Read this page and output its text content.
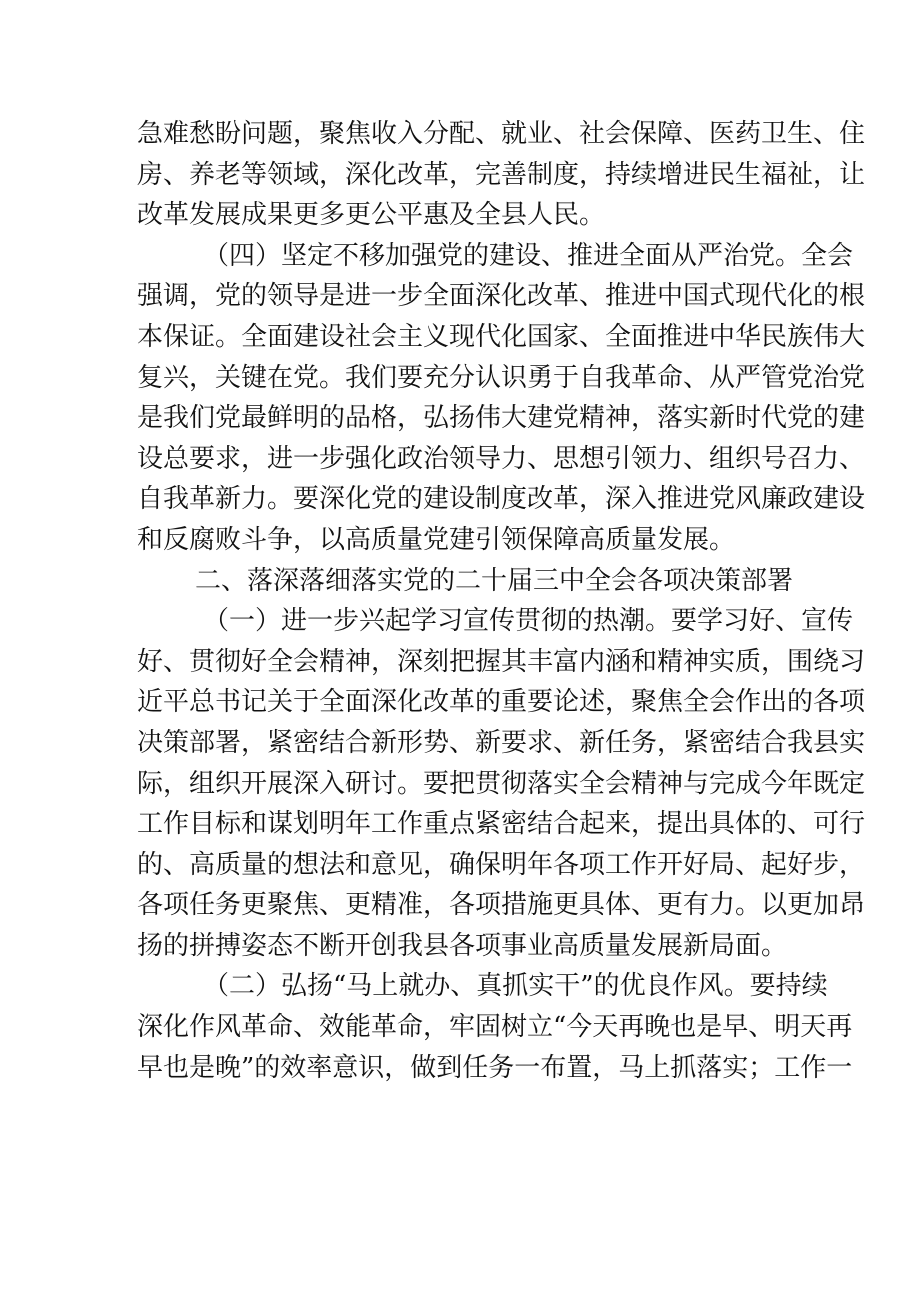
急难愁盼问题，聚焦收入分配、就业、社会保障、医药卫生、住
房、养老等领域，深化改革，完善制度，持续增进民生福祉，让
改革发展成果更多更公平惠及全县人民。
（四）坚定不移加强党的建设、推进全面从严治党。全会
强调，党的领导是进一步全面深化改革、推进中国式现代化的根
本保证。全面建设社会主义现代化国家、全面推进中华民族伟大
复兴，关键在党。我们要充分认识勇于自我革命、从严管党治党
是我们党最鲜明的品格，弘扬伟大建党精神，落实新时代党的建
设总要求，进一步强化政治领导力、思想引领力、组织号召力、
自我革新力。要深化党的建设制度改革，深入推进党风廉政建设
和反腐败斗争，以高质量党建引领保障高质量发展。
二、落深落细落实党的二十届三中全会各项决策部署
（一）进一步兴起学习宣传贯彻的热潮。要学习好、宣传
好、贯彻好全会精神，深刻把握其丰富内涵和精神实质，围绕习
近平总书记关于全面深化改革的重要论述，聚焦全会作出的各项
决策部署，紧密结合新形势、新要求、新任务，紧密结合我县实
际，组织开展深入研讨。要把贯彻落实全会精神与完成今年既定
工作目标和谋划明年工作重点紧密结合起来，提出具体的、可行
的、高质量的想法和意见，确保明年各项工作开好局、起好步，
各项任务更聚焦、更精准，各项措施更具体、更有力。以更加昂
扬的拼搏姿态不断开创我县各项事业高质量发展新局面。
（二）弘扬“马上就办、真抓实干”的优良作风。要持续
深化作风革命、效能革命，牢固树立“今天再晚也是早、明天再
早也是晚”的效率意识，做到任务一布置，马上抓落实；工作一
